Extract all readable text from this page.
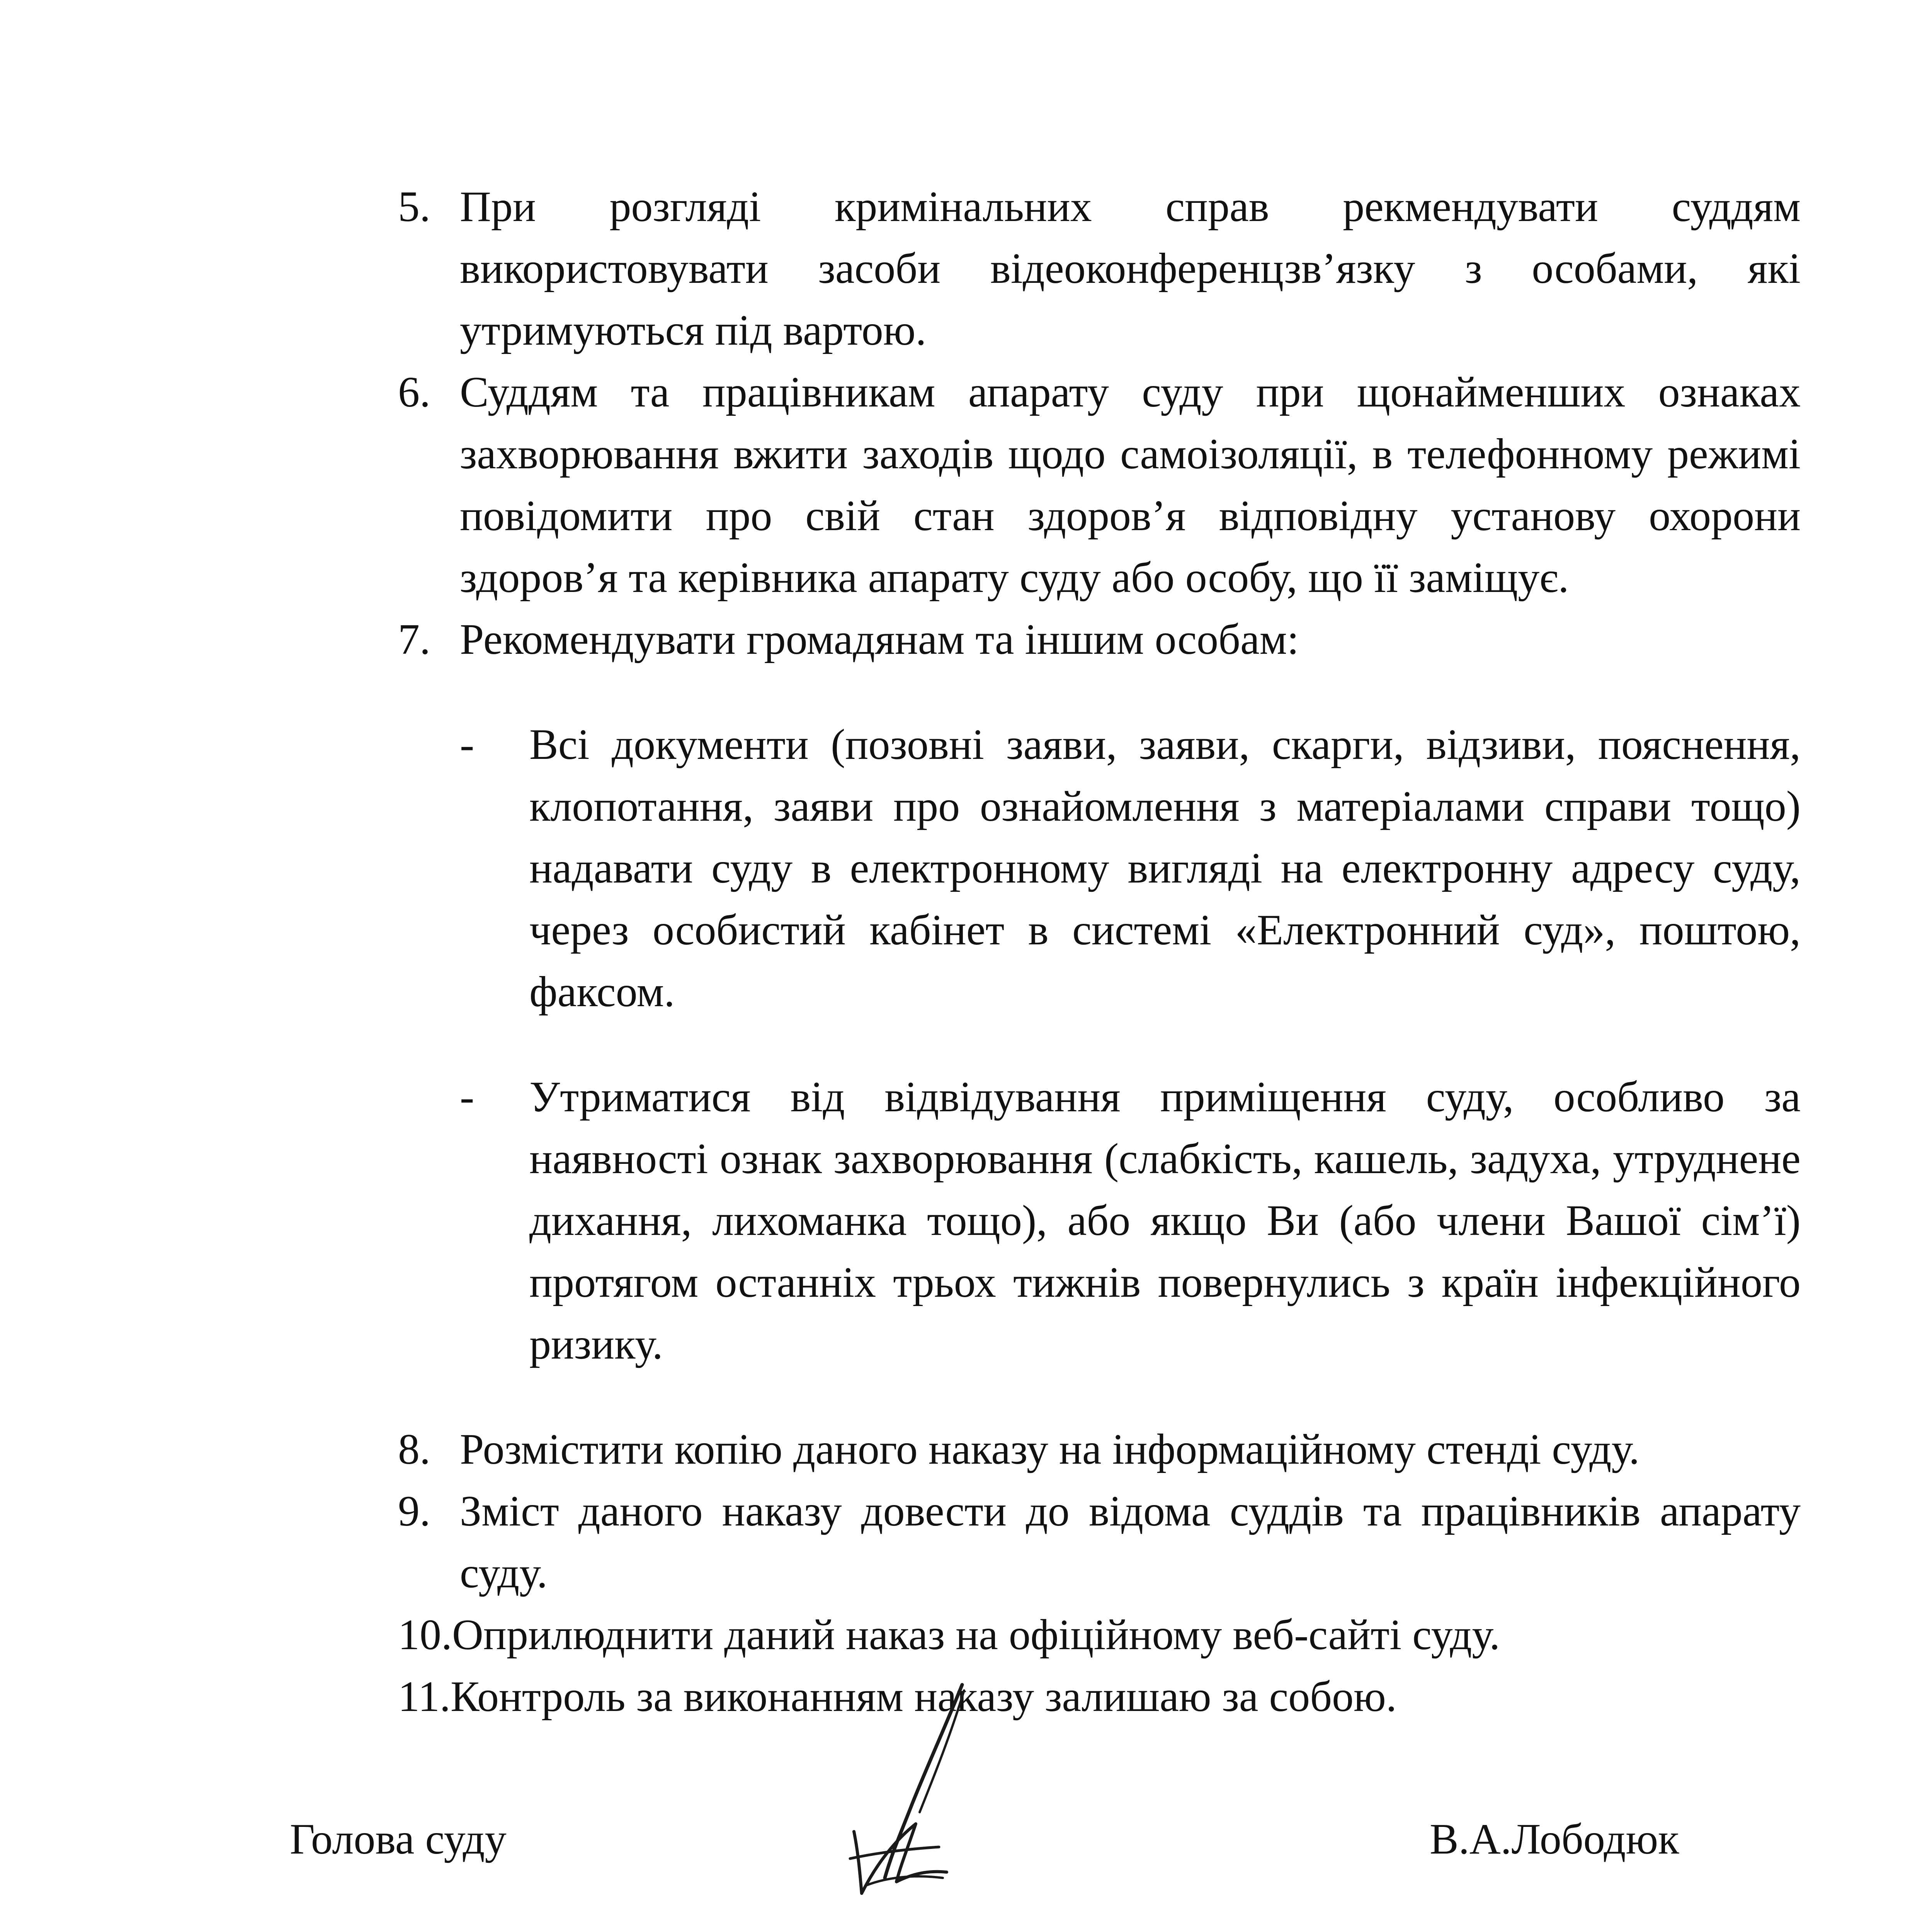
5. При розгляді кримінальних справ рекмендувати суддям використовувати засоби відеоконференцзв’язку з особами, які утримуються під вартою.

6. Суддям та працівникам апарату суду при щонайменших ознаках захворювання вжити заходів щодо самоізоляції, в телефонному режимі повідомити про свій стан здоров’я відповідну установу охорони здоров’я та керівника апарату суду або особу, що її заміщує.

7. Рекомендувати громадянам та іншим особам:

- Всі документи (позовні заяви, заяви, скарги, відзиви, пояснення, клопотання, заяви про ознайомлення з матеріалами справи тощо) надавати суду в електронному вигляді на електронну адресу суду, через особистий кабінет в системі «Електронний суд», поштою, факсом.

- Утриматися від відвідування приміщення суду, особливо за наявності ознак захворювання (слабкість, кашель, задуха, утруднене дихання, лихоманка тощо), або якщо Ви (або члени Вашої сім’ї) протягом останніх трьох тижнів повернулись з країн інфекційного ризику.

8. Розмістити копію даного наказу на інформаційному стенді суду.

9. Зміст даного наказу довести до відома суддів та працівників апарату суду.

10.Оприлюднити даний наказ на офіційному веб-сайті суду.

11.Контроль за виконанням наказу залишаю за собою.

Голова суду	В.А.Лободюк
